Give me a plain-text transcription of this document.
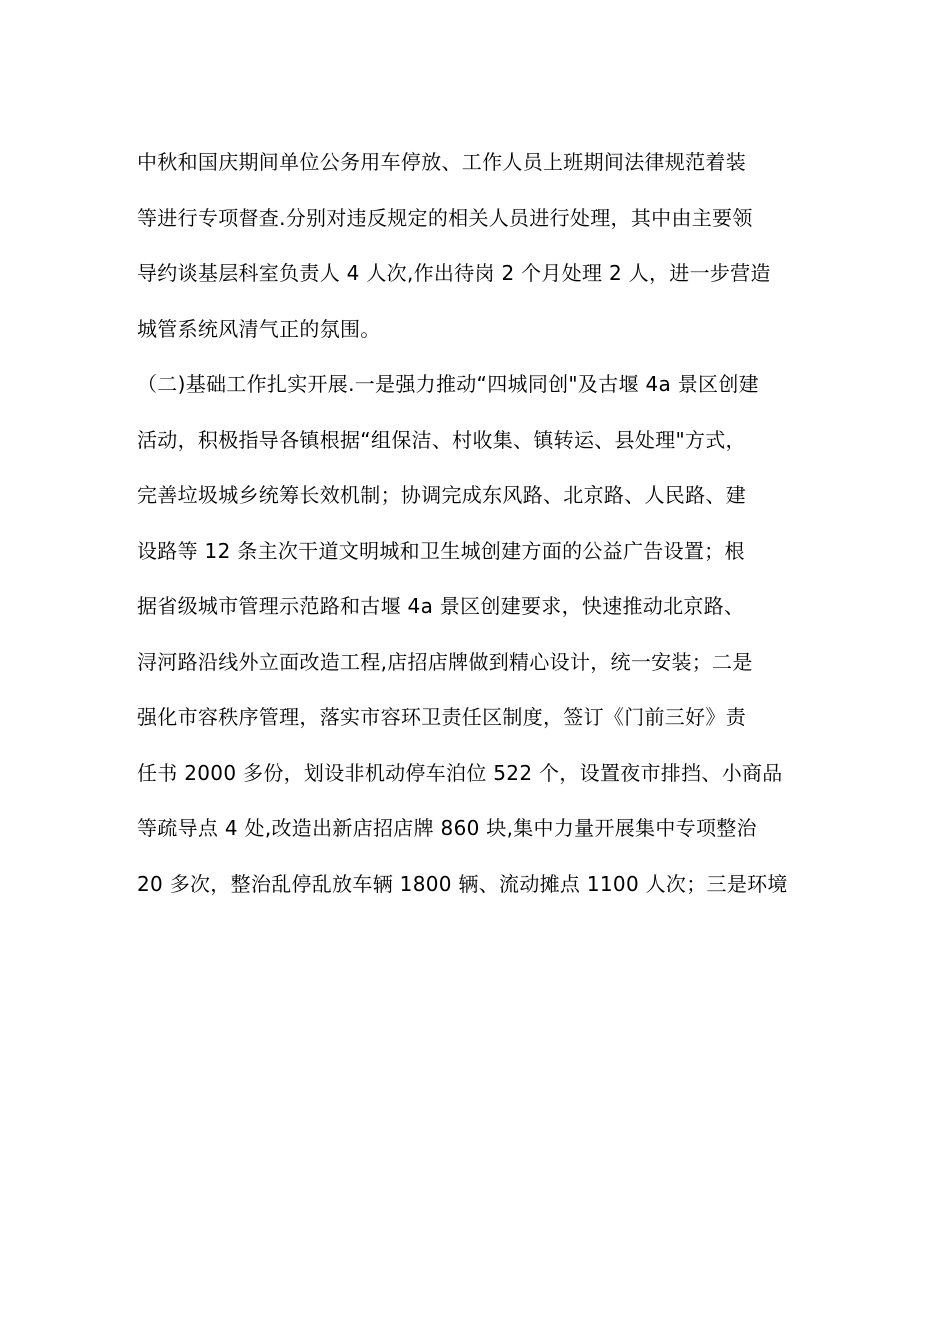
中秋和国庆期间单位公务用车停放、工作人员上班期间法律规范着装
等进行专项督查.分别对违反规定的相关人员进行处理，其中由主要领
导约谈基层科室负责人 4 人次,作出待岗 2 个月处理 2 人，进一步营造
城管系统风清气正的氛围。
（二)基础工作扎实开展.一是强力推动“四城同创"及古堰 4a 景区创建
活动，积极指导各镇根据“组保洁、村收集、镇转运、县处理"方式，
完善垃圾城乡统筹长效机制；协调完成东风路、北京路、人民路、建
设路等 12 条主次干道文明城和卫生城创建方面的公益广告设置；根
据省级城市管理示范路和古堰 4a 景区创建要求，快速推动北京路、
浔河路沿线外立面改造工程,店招店牌做到精心设计，统一安装；二是
强化市容秩序管理，落实市容环卫责任区制度，签订《门前三好》责
任书 2000 多份，划设非机动停车泊位 522 个，设置夜市排挡、小商品
等疏导点 4 处,改造出新店招店牌 860 块,集中力量开展集中专项整治
20 多次，整治乱停乱放车辆 1800 辆、流动摊点 1100 人次；三是环境
